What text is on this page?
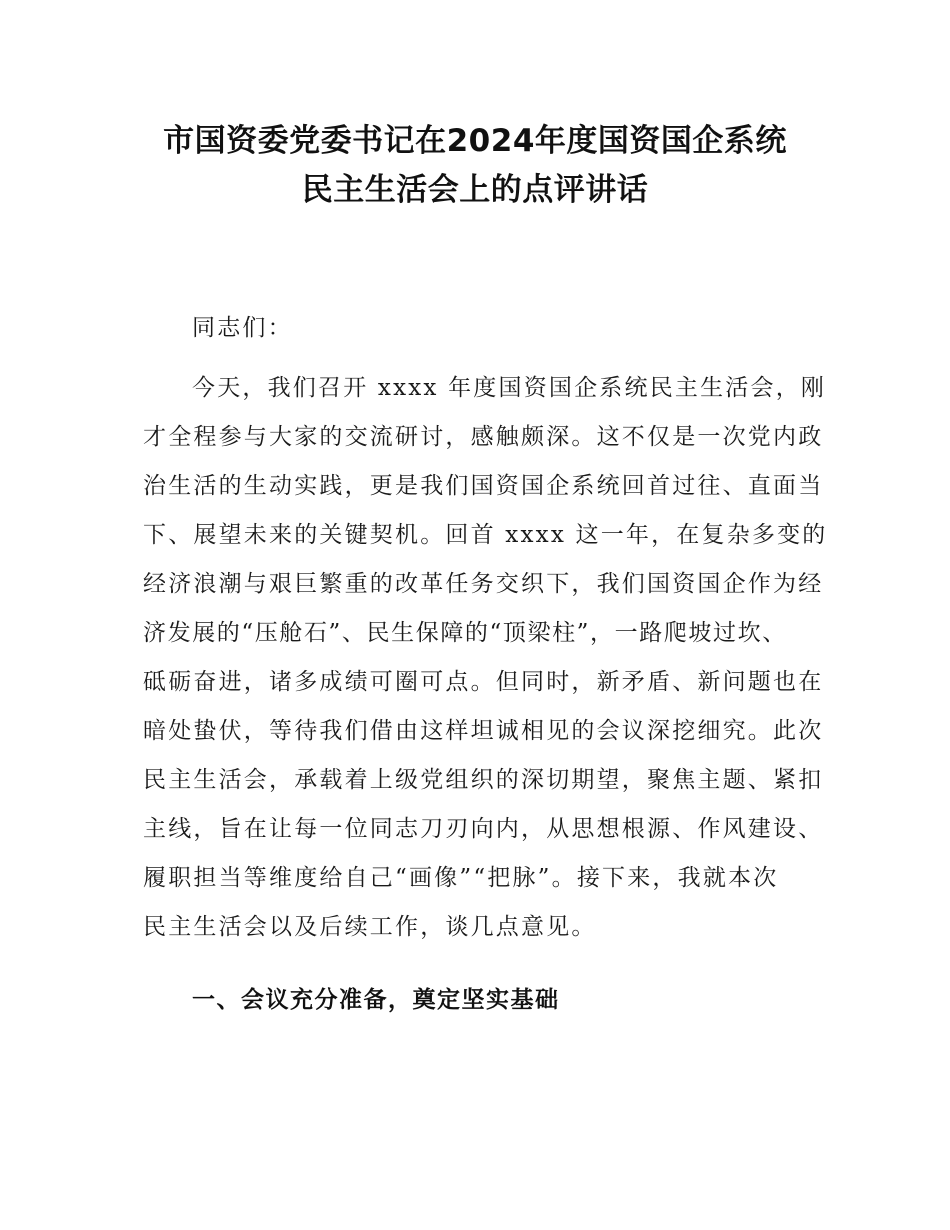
市国资委党委书记在2024年度国资国企系统
民主生活会上的点评讲话
同志们：
今天，我们召开 xxxx 年度国资国企系统民主生活会，刚
才全程参与大家的交流研讨，感触颇深。这不仅是一次党内政
治生活的生动实践，更是我们国资国企系统回首过往、直面当
下、展望未来的关键契机。回首 xxxx 这一年，在复杂多变的
经济浪潮与艰巨繁重的改革任务交织下，我们国资国企作为经
济发展的“压舱石”、民生保障的“顶梁柱”，一路爬坡过坎、
砥砺奋进，诸多成绩可圈可点。但同时，新矛盾、新问题也在
暗处蛰伏，等待我们借由这样坦诚相见的会议深挖细究。此次
民主生活会，承载着上级党组织的深切期望，聚焦主题、紧扣
主线，旨在让每一位同志刀刃向内，从思想根源、作风建设、
履职担当等维度给自己“画像”“把脉”。接下来，我就本次
民主生活会以及后续工作，谈几点意见。
一、会议充分准备，奠定坚实基础
